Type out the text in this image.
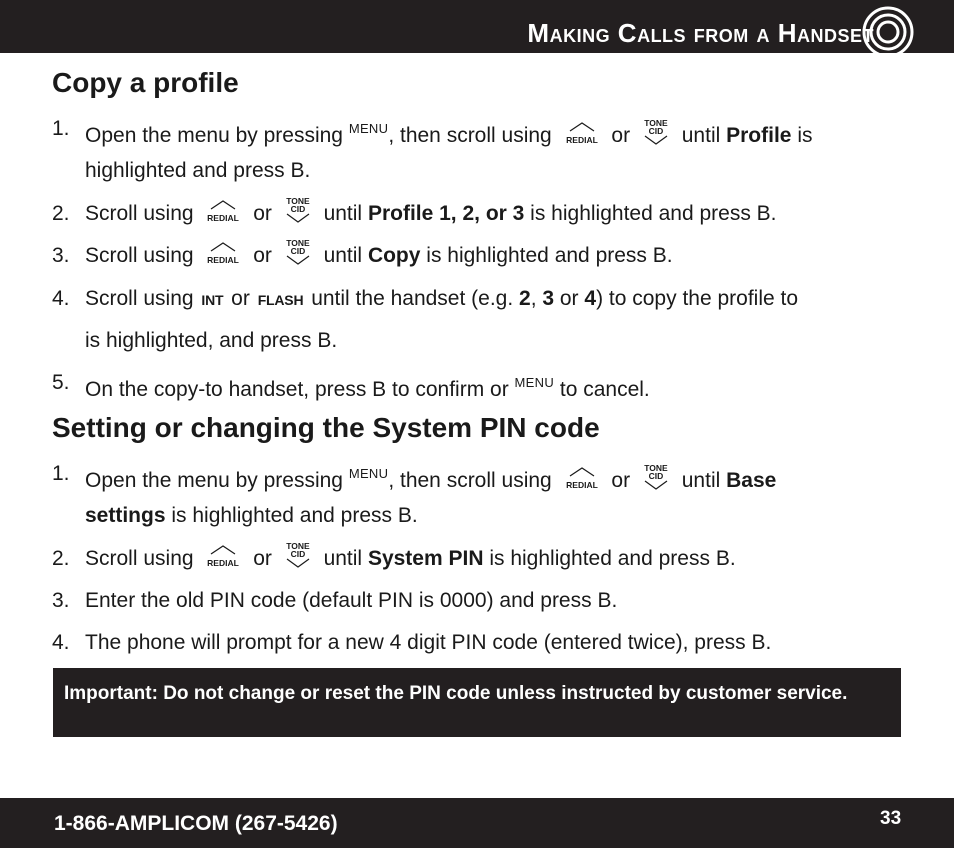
Making Calls from a Handset
Copy a profile
1. Open the menu by pressing $^{MENU}$, then scroll using REDIAL or
TONE
CID until Profile is
highlighted and press B.
2. Scroll using REDIAL or
TONE
CID until Profile 1, 2, or 3 is highlighted and press B.
3. Scroll using REDIAL or
TONE
CID until Copy is highlighted and press B.
4. Scroll using INT or FLASH until the handset (e.g. 2, 3 or 4) to copy the profile to
is highlighted, and press B.
5. On the copy-to handset, press B to confirm or $^{MENU}$ to cancel.
Setting or changing the System PIN code
1. Open the menu by pressing $^{MENU}$, then scroll using REDIAL or
TONE
CID until Base
settings is highlighted and press B.
2. Scroll using REDIAL or
TONE
CID until System PIN is highlighted and press B.
3. Enter the old PIN code (default PIN is 0000) and press B.
4. The phone will prompt for a new 4 digit PIN code (entered twice), press B.
Important: Do not change or reset the PIN code unless instructed by customer service.
1-866-AMPLICOM (267-5426)	33
